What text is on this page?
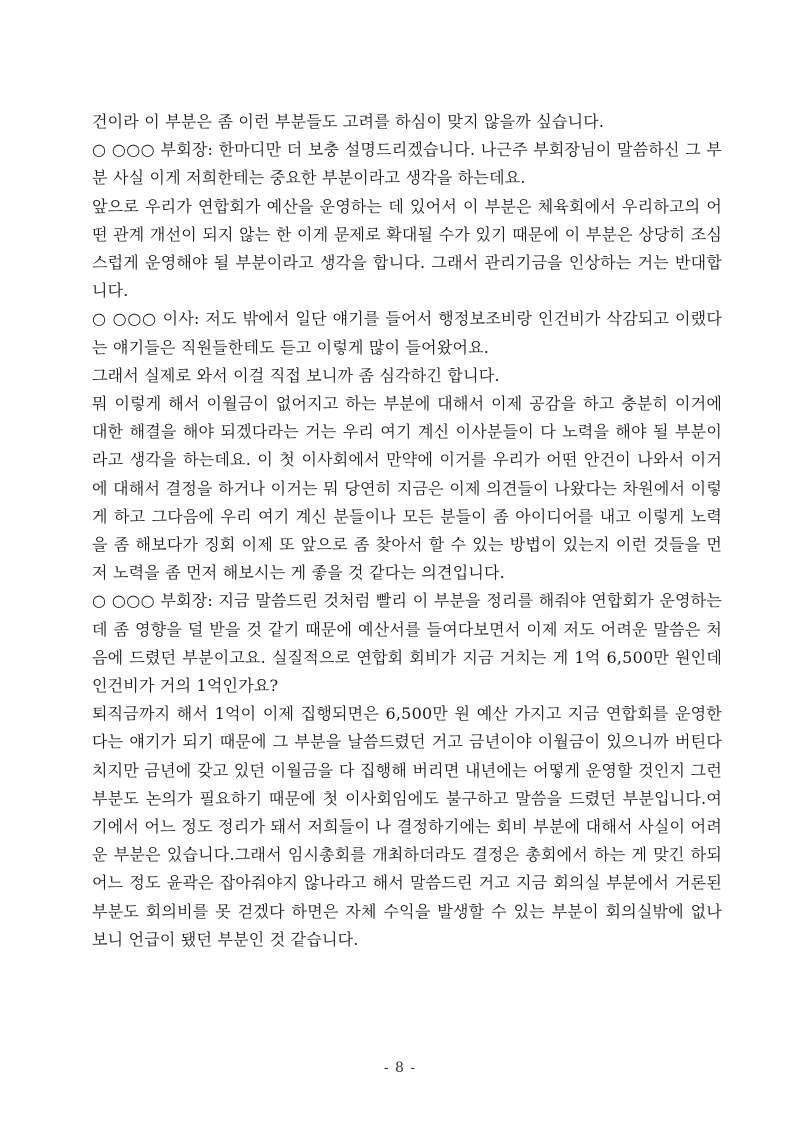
건이라 이 부분은 좀 이런 부분들도 고려를 하심이 맞지 않을까 싶습니다.

○ ○○○ 부회장: 한마디만 더 보충 설명드리겠습니다. 나근주 부회장님이 말씀하신 그 부분 사실 이게 저희한테는 중요한 부분이라고 생각을 하는데요.

앞으로 우리가 연합회가 예산을 운영하는 데 있어서 이 부분은 체육회에서 우리하고의 어떤 관계 개선이 되지 않는 한 이게 문제로 확대될 수가 있기 때문에 이 부분은 상당히 조심스럽게 운영해야 될 부분이라고 생각을 합니다. 그래서 관리기금을 인상하는 거는 반대합니다.

○ ○○○ 이사: 저도 밖에서 일단 얘기를 들어서 행정보조비랑 인건비가 삭감되고 이랬다는 얘기들은 직원들한테도 듣고 이렇게 많이 들어왔어요.

그래서 실제로 와서 이걸 직접 보니까 좀 심각하긴 합니다.

뭐 이렇게 해서 이월금이 없어지고 하는 부분에 대해서 이제 공감을 하고 충분히 이거에 대한 해결을 해야 되겠다라는 거는 우리 여기 계신 이사분들이 다 노력을 해야 될 부분이라고 생각을 하는데요. 이 첫 이사회에서 만약에 이거를 우리가 어떤 안건이 나와서 이거에 대해서 결정을 하거나 이거는 뭐 당연히 지금은 이제 의견들이 나왔다는 차원에서 이렇게 하고 그다음에 우리 여기 계신 분들이나 모든 분들이 좀 아이디어를 내고 이렇게 노력을 좀 해보다가 징회 이제 또 앞으로 좀 찾아서 할 수 있는 방법이 있는지 이런 것들을 먼저 노력을 좀 먼저 해보시는 게 좋을 것 같다는 의견입니다.

○ ○○○ 부회장: 지금 말씀드린 것처럼 빨리 이 부분을 정리를 해줘야 연합회가 운영하는 데 좀 영향을 덜 받을 것 같기 때문에 예산서를 들여다보면서 이제 저도 어려운 말씀은 처음에 드렸던 부분이고요. 실질적으로 연합회 회비가 지금 거치는 게 1억 6,500만 원인데 인건비가 거의 1억인가요?

퇴직금까지 해서 1억이 이제 집행되면은 6,500만 원 예산 가지고 지금 연합회를 운영한다는 얘기가 되기 때문에 그 부분을 날씀드렸던 거고 금년이야 이월금이 있으니까 버틴다 치지만 금년에 갖고 있던 이월금을 다 집행해 버리면 내년에는 어떻게 운영할 것인지 그런 부분도 논의가 필요하기 때문에 첫 이사회임에도 불구하고 말씀을 드렸던 부분입니다.여기에서 어느 정도 정리가 돼서 저희들이 나 결정하기에는 회비 부분에 대해서 사실이 어려운 부분은 있습니다.그래서 임시총회를 개최하더라도 결정은 총회에서 하는 게 맞긴 하되 어느 정도 윤곽은 잡아줘야지 않나라고 해서 말씀드린 거고 지금 회의실 부분에서 거론된 부분도 회의비를 못 걷겠다 하면은 자체 수익을 발생할 수 있는 부분이 회의실밖에 없나 보니 언급이 됐던 부분인 것 같습니다.

- 8 -
